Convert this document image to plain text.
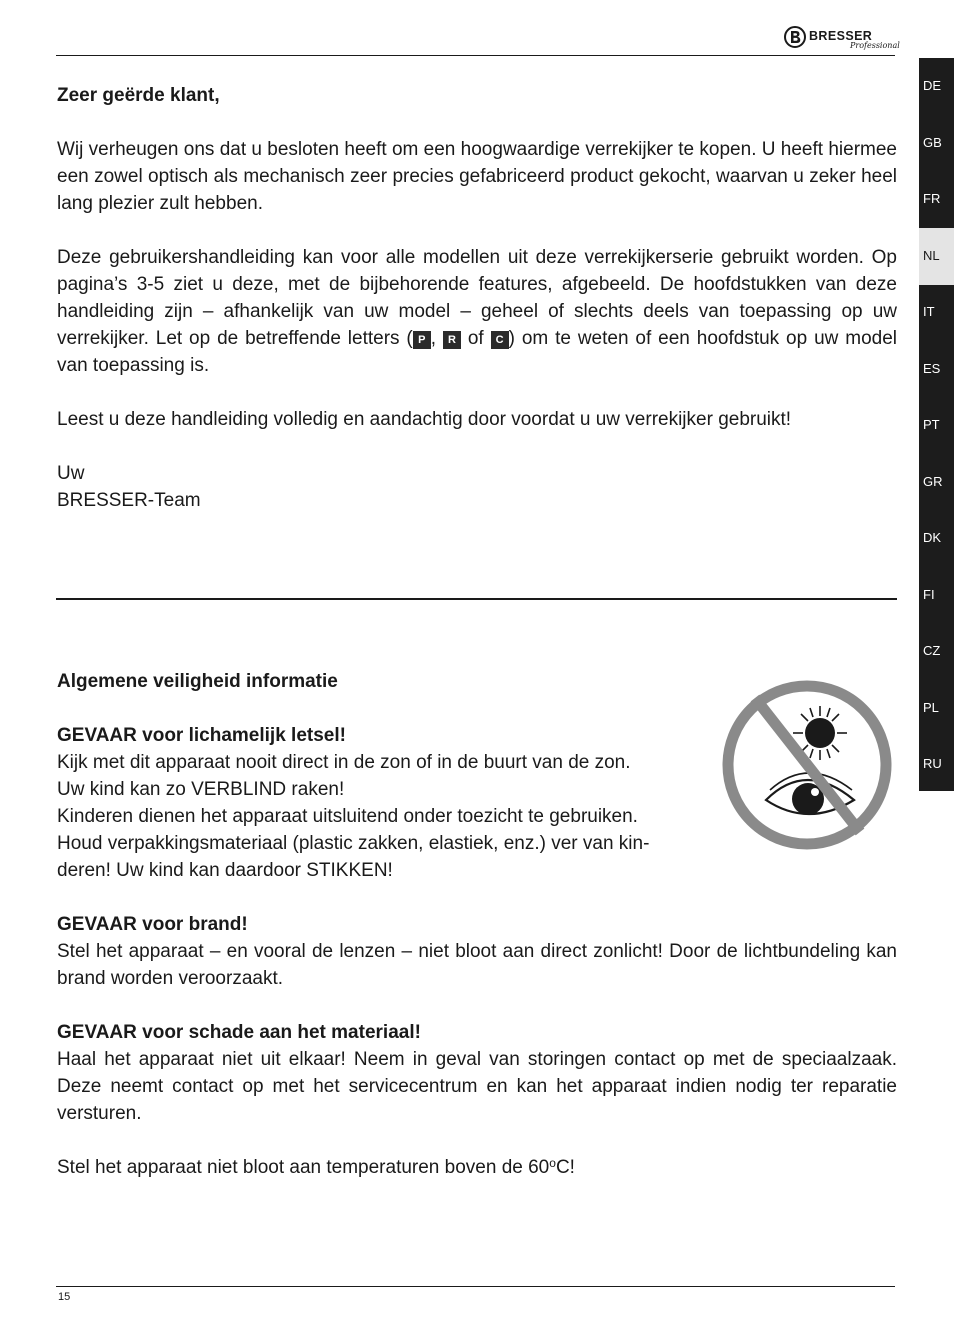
BRESSER
Professional
DE
GB
FR
NL
IT
ES
PT
GR
DK
FI
CZ
PL
RU

Zeer geërde klant,

Wij verheugen ons dat u besloten heeft om een hoogwaardige verrekijker te kopen. U heeft hiermee een zowel optisch als mechanisch zeer precies gefabriceerd product gekocht, waarvan u zeker heel lang plezier zult hebben.

Deze gebruikershandleiding kan voor alle modellen uit deze verrekijkerserie gebruikt worden. Op pagina’s 3-5 ziet u deze, met de bijbehorende features, afgebeeld. De hoofdstukken van deze handleiding zijn – afhankelijk van uw model – geheel of slechts deels van toepassing op uw verrekijker. Let op de betreffende letters ( P , R of C ) om te weten of een hoofdstuk op uw model van toepassing is.

Leest u deze handleiding volledig en aandachtig door voordat u uw verrekijker gebruikt!

Uw

BRESSER-Team

Algemene veiligheid informatie

GEVAAR voor lichamelijk letsel!

Kijk met dit apparaat nooit direct in de zon of in de buurt van de zon.

Uw kind kan zo VERBLIND raken!

Kinderen dienen het apparaat uitsluitend onder toezicht te gebruiken.

Houd verpakkingsmateriaal (plastic zakken, elastiek, enz.) ver van kin-

deren! Uw kind kan daardoor STIKKEN!

GEVAAR voor brand!

Stel het apparaat – en vooral de lenzen – niet bloot aan direct zonlicht! Door de lichtbundeling kan brand worden veroorzaakt.

GEVAAR voor schade aan het materiaal!

Haal het apparaat niet uit elkaar! Neem in geval van storingen contact op met de speciaalzaak. Deze neemt contact op met het servicecentrum en kan het apparaat indien nodig ter reparatie versturen.

Stel het apparaat niet bloot aan temperaturen boven de 60$^o$C!

15
